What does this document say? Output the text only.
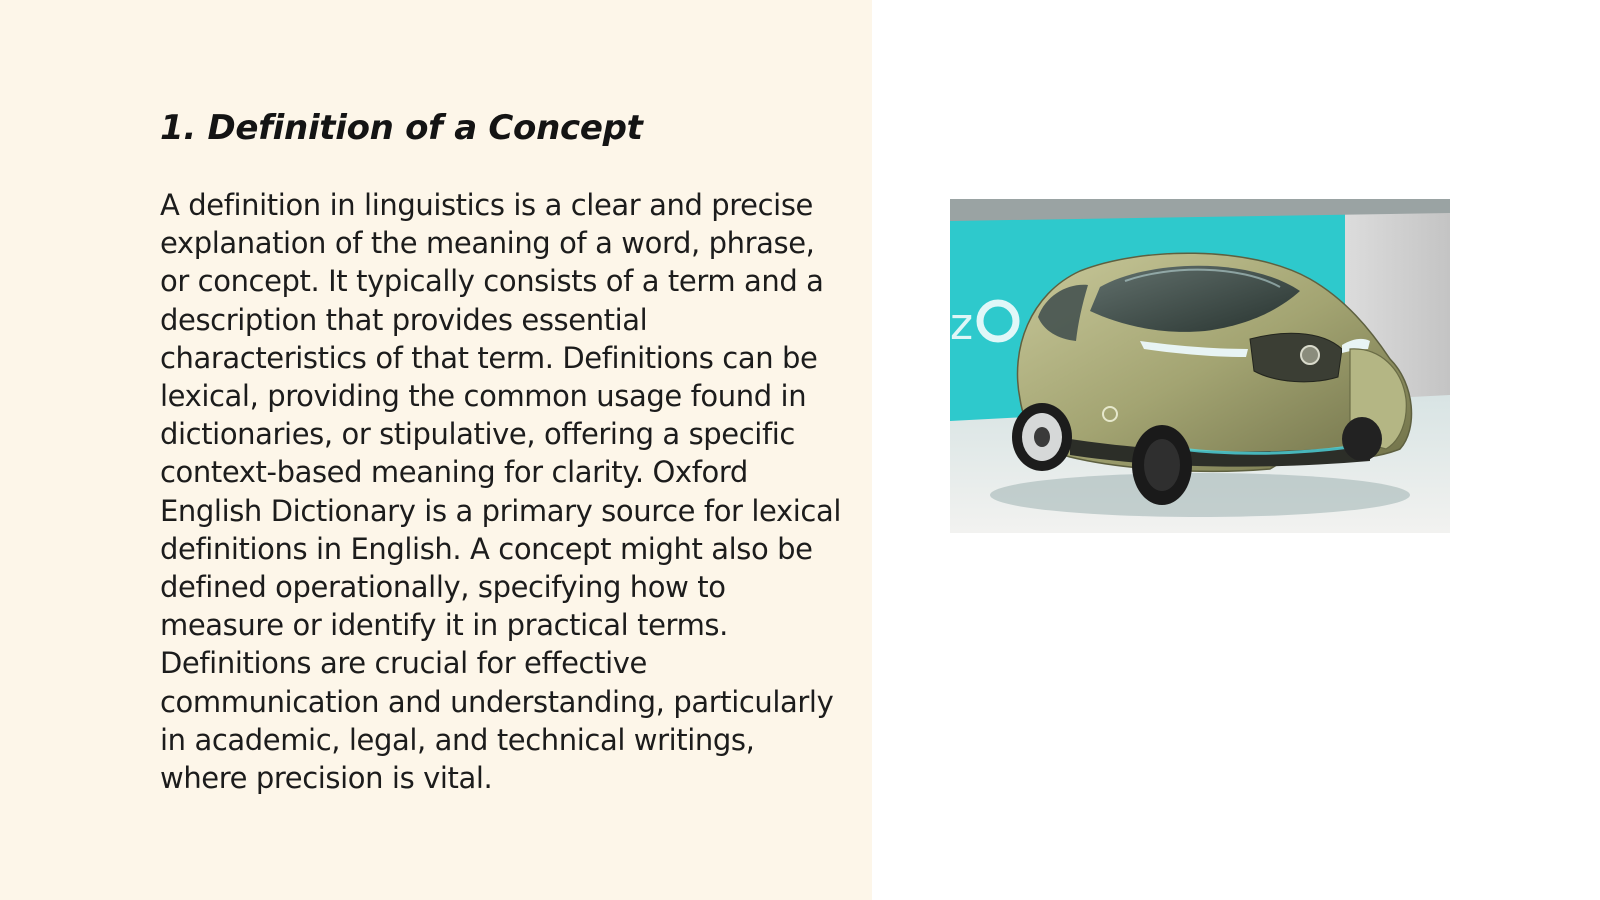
1. Definition of a Concept

A definition in linguistics is a clear and precise explanation of the meaning of a word, phrase, or concept. It typically consists of a term and a description that provides essential characteristics of that term. Definitions can be lexical, providing the common usage found in dictionaries, or stipulative, offering a specific context-based meaning for clarity. Oxford English Dictionary is a primary source for lexical definitions in English. A concept might also be defined operationally, specifying how to measure or identify it in practical terms. Definitions are crucial for effective communication and understanding, particularly in academic, legal, and technical writings, where precision is vital.

z
